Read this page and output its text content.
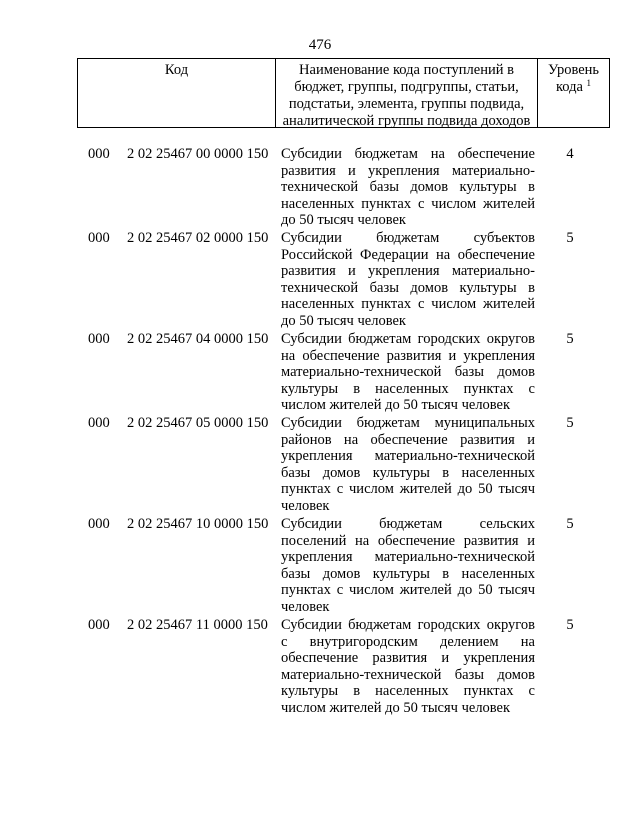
476
Код	Наименование кода поступлений в бюджет, группы, подгруппы, статьи, подстатьи, элемента, группы подвида, аналитической группы подвида доходов
Уровень кода $^1$
000 2 02 25467 00 0000 150 Субсидии бюджетам на обеспечение развития и укрепления материально-технической базы домов культуры в населенных пунктах с числом жителей до 50 тысяч человек
4
000 2 02 25467 02 0000 150 Субсидии бюджетам субъектов Российской Федерации на обеспечение развития и укрепления материально-технической базы домов культуры в населенных пунктах с числом жителей до 50 тысяч человек
5
000 2 02 25467 04 0000 150 Субсидии бюджетам городских округов на обеспечение развития и укрепления материально-технической базы домов культуры в населенных пунктах с числом жителей до 50 тысяч человек
5
000 2 02 25467 05 0000 150 Субсидии бюджетам муниципальных районов на обеспечение развития и укрепления материально-технической базы домов культуры в населенных пунктах с числом жителей до 50 тысяч человек
5
000 2 02 25467 10 0000 150 Субсидии бюджетам сельских поселений на обеспечение развития и укрепления материально-технической базы домов культуры в населенных пунктах с числом жителей до 50 тысяч человек
5
000 2 02 25467 11 0000 150 Субсидии бюджетам городских округов с внутригородским делением на обеспечение развития и укрепления материально-технической базы домов культуры в населенных пунктах с числом жителей до 50 тысяч человек
5
